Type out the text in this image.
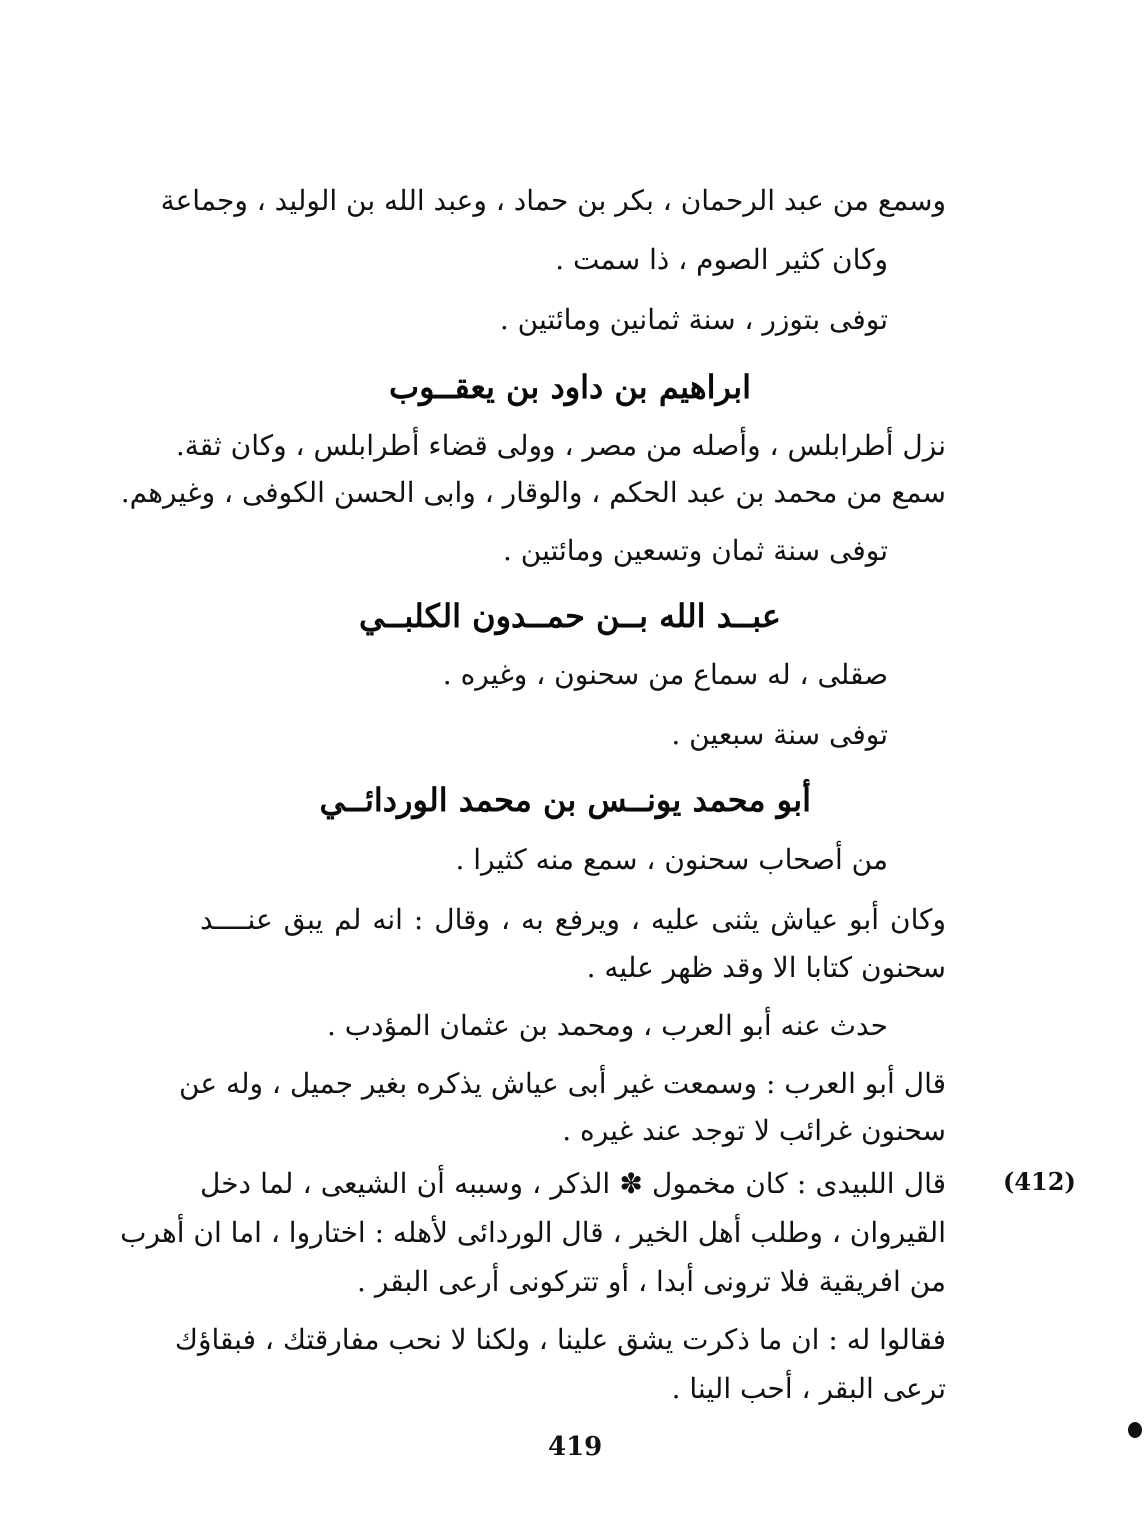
وسمع من عبد الرحمان ، بكر بن حماد ، وعبد الله بن الوليد ، وجماعة
وكان كثير الصوم ، ذا سمت .
توفى بتوزر ، سنة ثمانين ومائتين .
ابراهيم بن داود بن يعقــوب
نزل أطرابلس ، وأصله من مصر ، وولى قضاء أطرابلس ، وكان ثقة.
سمع من محمد بن عبد الحكم ، والوقار ، وابى الحسن الكوفى ، وغيرهم.
توفى سنة ثمان وتسعين ومائتين .
عبــد الله بــن حمــدون الكلبــي
صقلى ، له سماع من سحنون ، وغيره .
توفى سنة سبعين .
أبو محمد يونــس بن محمد الوردائــي
من أصحاب سحنون ، سمع منه كثيرا .
وكان أبو عياش يثنى عليه ، ويرفع به ، وقال : انه لم يبق عنــــد
سحنون كتابا الا وقد ظهر عليه .
حدث عنه أبو العرب ، ومحمد بن عثمان المؤدب .
قال أبو العرب : وسمعت غير أبى عياش يذكره بغير جميل ، وله عن
سحنون غرائب لا توجد عند غيره .
(412)
قال اللبيدى : كان مخمول ✽ الذكر ، وسببه أن الشيعى ، لما دخل
القيروان ، وطلب أهل الخير ، قال الوردائى لأهله : اختاروا ، اما ان أهرب
من افريقية فلا ترونى أبدا ، أو تتركونى أرعى البقر .
فقالوا له : ان ما ذكرت يشق علينا ، ولكنا لا نحب مفارقتك ، فبقاؤك
ترعى البقر ، أحب الينا .
419
